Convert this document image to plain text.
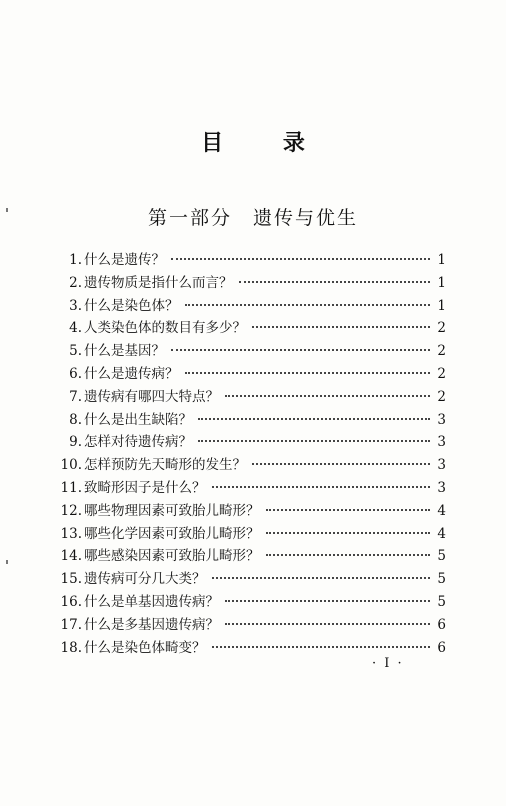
目 录
第一部分　遗传与优生
1. 什么是遗传？	1
2. 遗传物质是指什么而言？	1
3. 什么是染色体？	1
4. 人类染色体的数目有多少？	2
5. 什么是基因？	2
6. 什么是遗传病？	2
7. 遗传病有哪四大特点？	2
8. 什么是出生缺陷？	3
9. 怎样对待遗传病？	3
10. 怎样预防先天畸形的发生？	3
11. 致畸形因子是什么？	3
12. 哪些物理因素可致胎儿畸形？	4
13. 哪些化学因素可致胎儿畸形？	4
14. 哪些感染因素可致胎儿畸形？	5
15. 遗传病可分几大类？	5
16. 什么是单基因遗传病？	5
17. 什么是多基因遗传病？	6
18. 什么是染色体畸变？	6
· I ·
